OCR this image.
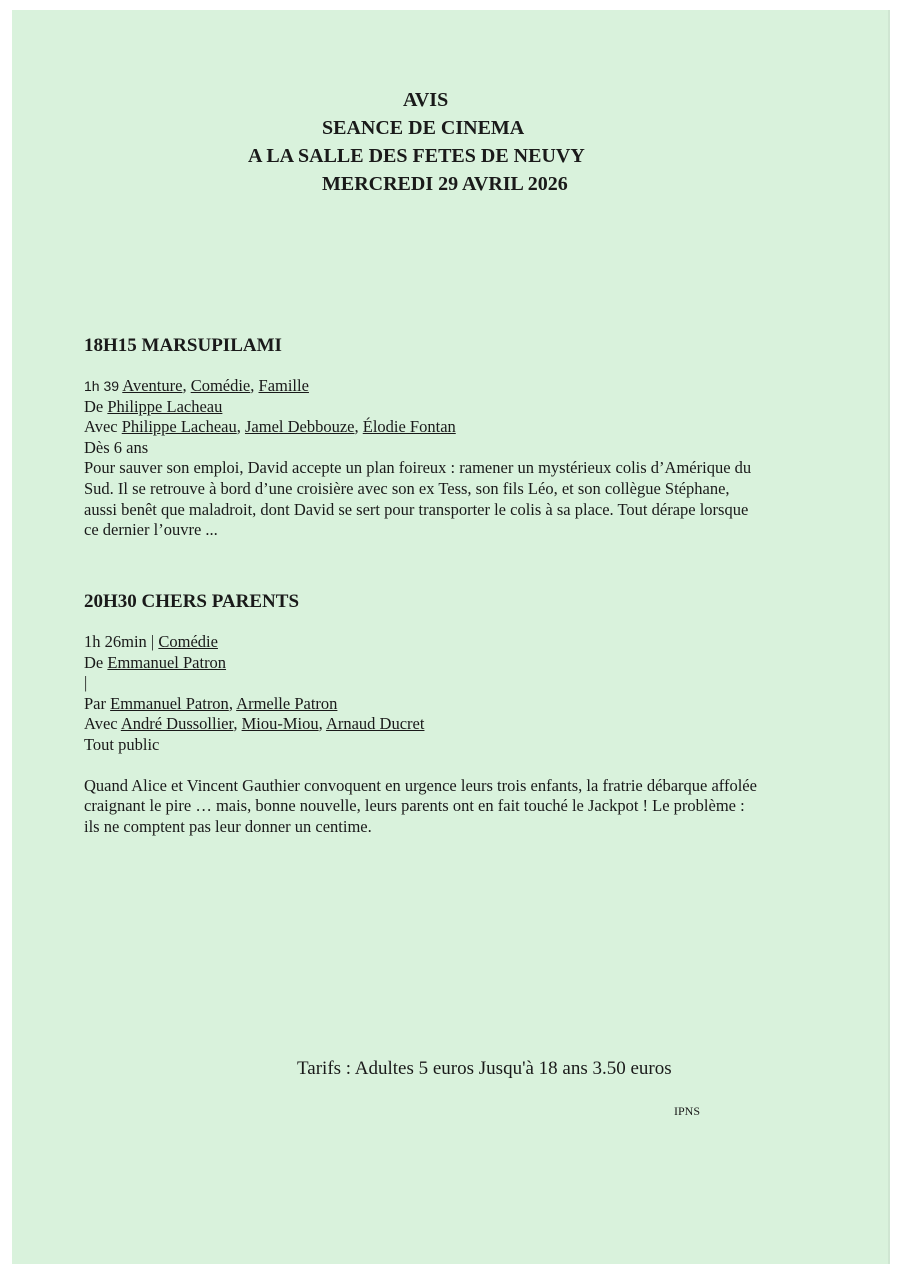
AVIS
SEANCE DE CINEMA
A LA SALLE DES FETES DE NEUVY
MERCREDI 29 AVRIL 2026
18H15 MARSUPILAMI
1h 39 Aventure, Comédie, Famille
De Philippe Lacheau
Avec Philippe Lacheau, Jamel Debbouze, Élodie Fontan
Dès 6 ans
Pour sauver son emploi, David accepte un plan foireux : ramener un mystérieux colis d’Amérique du Sud. Il se retrouve à bord d’une croisière avec son ex Tess, son fils Léo, et son collègue Stéphane, aussi benêt que maladroit, dont David se sert pour transporter le colis à sa place. Tout dérape lorsque ce dernier l’ouvre ...
20H30 CHERS PARENTS
1h 26min | Comédie
De Emmanuel Patron
|
Par Emmanuel Patron, Armelle Patron
Avec André Dussollier, Miou-Miou, Arnaud Ducret
Tout public
Quand Alice et Vincent Gauthier convoquent en urgence leurs trois enfants, la fratrie débarque affolée craignant le pire … mais, bonne nouvelle, leurs parents ont en fait touché le Jackpot ! Le problème : ils ne comptent pas leur donner un centime.
Tarifs : Adultes 5 euros Jusqu'à 18 ans 3.50 euros
IPNS
